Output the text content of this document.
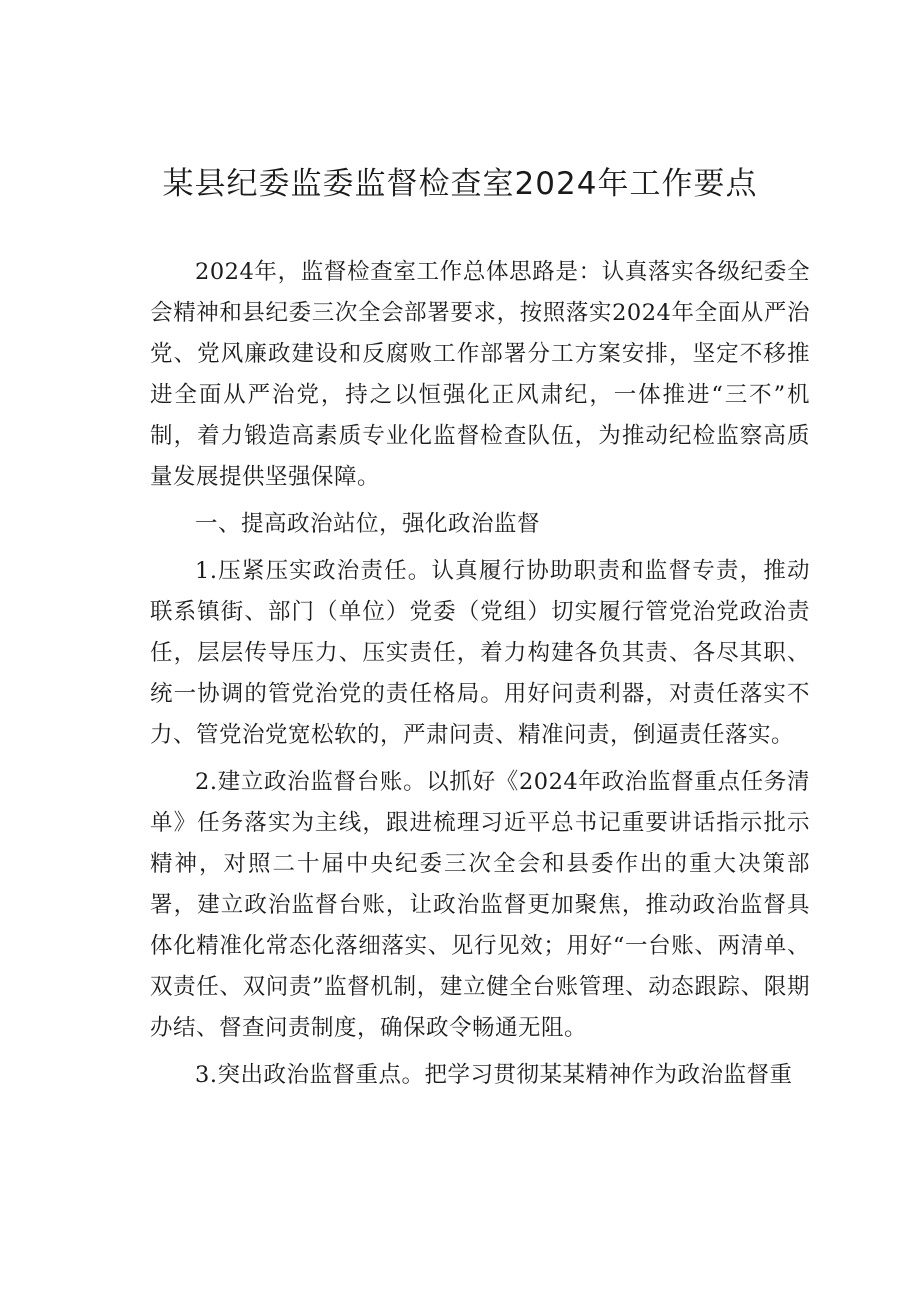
某县纪委监委监督检查室2024年工作要点

2024年，监督检查室工作总体思路是：认真落实各级纪委全会精神和县纪委三次全会部署要求，按照落实2024年全面从严治党、党风廉政建设和反腐败工作部署分工方案安排，坚定不移推进全面从严治党，持之以恒强化正风肃纪，一体推进“三不”机制，着力锻造高素质专业化监督检查队伍，为推动纪检监察高质量发展提供坚强保障。

一、提高政治站位，强化政治监督

1.压紧压实政治责任。认真履行协助职责和监督专责，推动联系镇街、部门（单位）党委（党组）切实履行管党治党政治责任，层层传导压力、压实责任，着力构建各负其责、各尽其职、统一协调的管党治党的责任格局。用好问责利器，对责任落实不力、管党治党宽松软的，严肃问责、精准问责，倒逼责任落实。

2.建立政治监督台账。以抓好《2024年政治监督重点任务清单》任务落实为主线，跟进梳理习近平总书记重要讲话指示批示精神，对照二十届中央纪委三次全会和县委作出的重大决策部署，建立政治监督台账，让政治监督更加聚焦，推动政治监督具体化精准化常态化落细落实、见行见效；用好“一台账、两清单、双责任、双问责”监督机制，建立健全台账管理、动态跟踪、限期办结、督查问责制度，确保政令畅通无阻。

3.突出政治监督重点。把学习贯彻某某精神作为政治监督重
